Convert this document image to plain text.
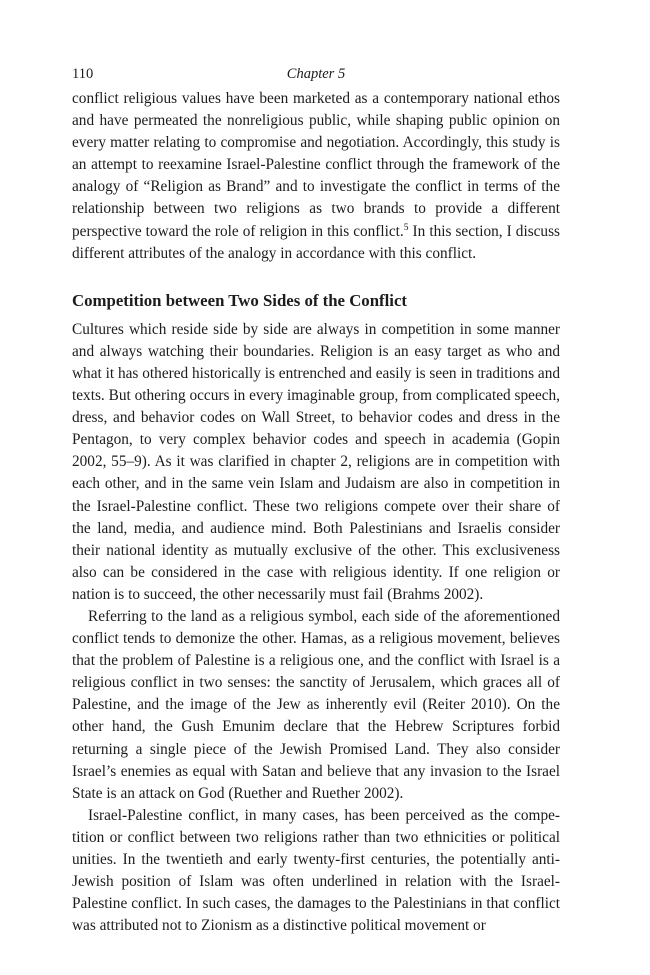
110	Chapter 5

conflict religious values have been marketed as a contemporary national ethos and have permeated the nonreligious public, while shaping public opinion on every matter relating to compromise and negotiation. Accordingly, this study is an attempt to reexamine Israel-Palestine conflict through the framework of the analogy of “Religion as Brand” and to investigate the conflict in terms of the relationship between two religions as two brands to provide a different perspective toward the role of religion in this conflict.$^5$ In this section, I discuss different attributes of the analogy in accordance with this conflict.

Competition between Two Sides of the Conflict

Cultures which reside side by side are always in competition in some manner and always watching their boundaries. Religion is an easy target as who and what it has othered historically is entrenched and easily is seen in traditions and texts. But othering occurs in every imaginable group, from complicated speech, dress, and behavior codes on Wall Street, to behavior codes and dress in the Pentagon, to very complex behavior codes and speech in academia (Gopin 2002, 55–9). As it was clarified in chapter 2, religions are in competition with each other, and in the same vein Islam and Judaism are also in competition in the Israel-Palestine conflict. These two religions compete over their share of the land, media, and audience mind. Both Palestinians and Israelis consider their national identity as mutually exclusive of the other. This exclusiveness also can be considered in the case with religious identity. If one religion or nation is to succeed, the other necessarily must fail (Brahms 2002).

Referring to the land as a religious symbol, each side of the aforementioned conflict tends to demonize the other. Hamas, as a religious movement, believes that the problem of Palestine is a religious one, and the conflict with Israel is a religious conflict in two senses: the sanctity of Jerusalem, which graces all of Palestine, and the image of the Jew as inherently evil (Reiter 2010). On the other hand, the Gush Emunim declare that the Hebrew Scriptures forbid returning a single piece of the Jewish Promised Land. They also consider Israel’s enemies as equal with Satan and believe that any invasion to the Israel State is an attack on God (Ruether and Ruether 2002).

Israel-Palestine conflict, in many cases, has been perceived as the competition or conflict between two religions rather than two ethnicities or political unities. In the twentieth and early twenty-first centuries, the potentially anti-Jewish position of Islam was often underlined in relation with the Israel-Palestine conflict. In such cases, the damages to the Palestinians in that conflict was attributed not to Zionism as a distinctive political movement or
